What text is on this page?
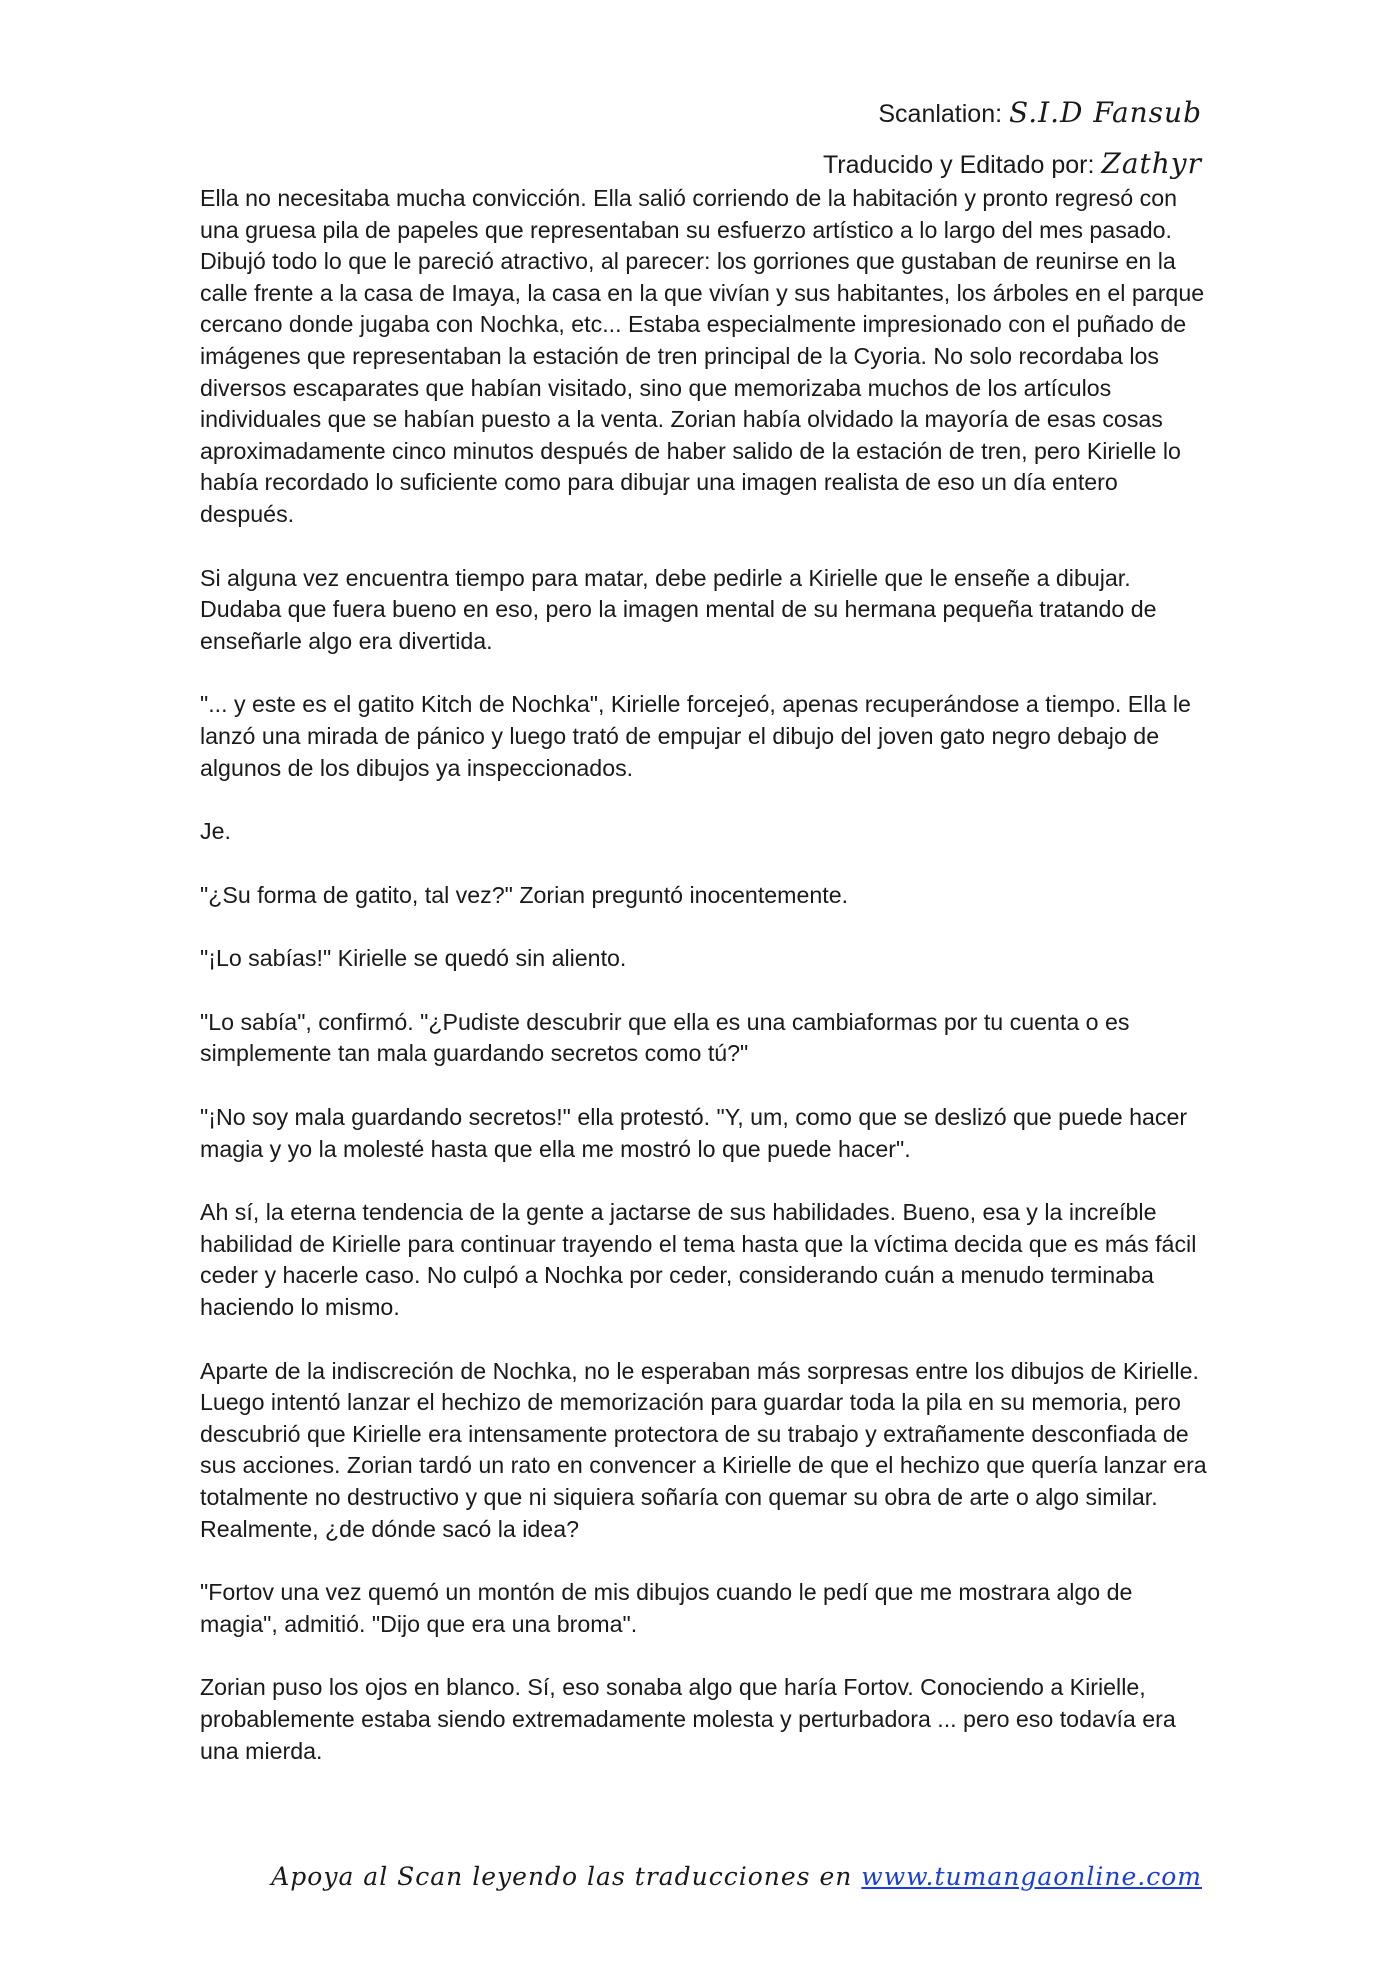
Scanlation: S.I.D Fansub
Traducido y Editado por: Zathyr

Ella no necesitaba mucha convicción. Ella salió corriendo de la habitación y pronto regresó con una gruesa pila de papeles que representaban su esfuerzo artístico a lo largo del mes pasado. Dibujó todo lo que le pareció atractivo, al parecer: los gorriones que gustaban de reunirse en la calle frente a la casa de Imaya, la casa en la que vivían y sus habitantes, los árboles en el parque cercano donde jugaba con Nochka, etc... Estaba especialmente impresionado con el puñado de imágenes que representaban la estación de tren principal de la Cyoria. No solo recordaba los diversos escaparates que habían visitado, sino que memorizaba muchos de los artículos individuales que se habían puesto a la venta. Zorian había olvidado la mayoría de esas cosas aproximadamente cinco minutos después de haber salido de la estación de tren, pero Kirielle lo había recordado lo suficiente como para dibujar una imagen realista de eso un día entero después.

Si alguna vez encuentra tiempo para matar, debe pedirle a Kirielle que le enseñe a dibujar. Dudaba que fuera bueno en eso, pero la imagen mental de su hermana pequeña tratando de enseñarle algo era divertida.

"... y este es el gatito Kitch de Nochka", Kirielle forcejeó, apenas recuperándose a tiempo. Ella le lanzó una mirada de pánico y luego trató de empujar el dibujo del joven gato negro debajo de algunos de los dibujos ya inspeccionados.

Je.

"¿Su forma de gatito, tal vez?" Zorian preguntó inocentemente.

"¡Lo sabías!" Kirielle se quedó sin aliento.

"Lo sabía", confirmó. "¿Pudiste descubrir que ella es una cambiaformas por tu cuenta o es simplemente tan mala guardando secretos como tú?"

"¡No soy mala guardando secretos!" ella protestó. "Y, um, como que se deslizó que puede hacer magia y yo la molesté hasta que ella me mostró lo que puede hacer".

Ah sí, la eterna tendencia de la gente a jactarse de sus habilidades. Bueno, esa y la increíble habilidad de Kirielle para continuar trayendo el tema hasta que la víctima decida que es más fácil ceder y hacerle caso. No culpó a Nochka por ceder, considerando cuán a menudo terminaba haciendo lo mismo.

Aparte de la indiscreción de Nochka, no le esperaban más sorpresas entre los dibujos de Kirielle. Luego intentó lanzar el hechizo de memorización para guardar toda la pila en su memoria, pero descubrió que Kirielle era intensamente protectora de su trabajo y extrañamente desconfiada de sus acciones. Zorian tardó un rato en convencer a Kirielle de que el hechizo que quería lanzar era totalmente no destructivo y que ni siquiera soñaría con quemar su obra de arte o algo similar. Realmente, ¿de dónde sacó la idea?

"Fortov una vez quemó un montón de mis dibujos cuando le pedí que me mostrara algo de magia", admitió. "Dijo que era una broma".

Zorian puso los ojos en blanco. Sí, eso sonaba algo que haría Fortov. Conociendo a Kirielle, probablemente estaba siendo extremadamente molesta y perturbadora ... pero eso todavía era una mierda.

Apoya al Scan leyendo las traducciones en www.tumangaonline.com
